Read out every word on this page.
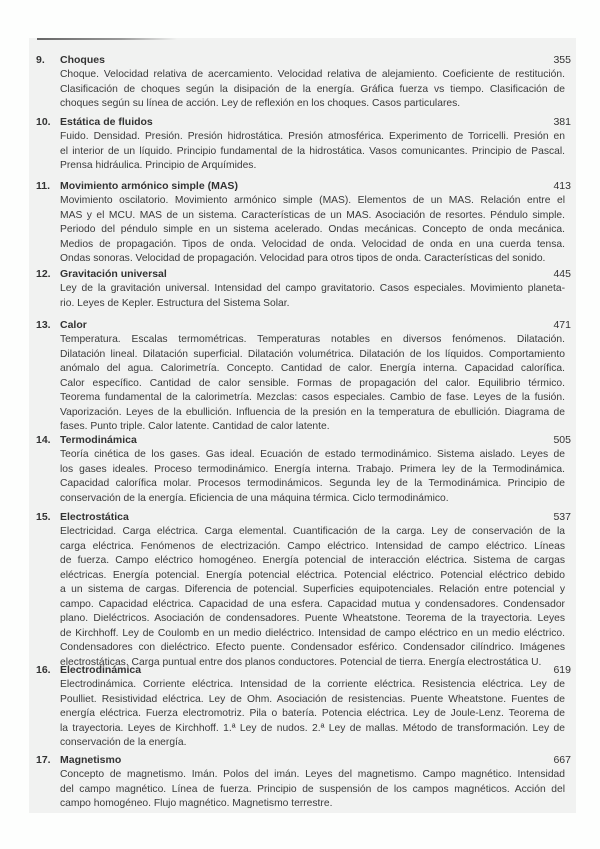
9. Choques	355
Choque. Velocidad relativa de acercamiento. Velocidad relativa de alejamiento. Coeficiente de restitución.
Clasificación de choques según la disipación de la energía. Gráfica fuerza vs tiempo. Clasificación de
choques según su línea de acción. Ley de reflexión en los choques. Casos particulares.
10. Estática de fluidos	381
Fuido. Densidad. Presión. Presión hidrostática. Presión atmosférica. Experimento de Torricelli. Presión en
el interior de un líquido. Principio fundamental de la hidrostática. Vasos comunicantes. Principio de Pascal.
Prensa hidráulica. Principio de Arquímides.
11. Movimiento armónico simple (MAS)	413
Movimiento oscilatorio. Movimiento armónico simple (MAS). Elementos de un MAS. Relación entre el
MAS y el MCU. MAS de un sistema. Características de un MAS. Asociación de resortes. Péndulo simple.
Periodo del péndulo simple en un sistema acelerado. Ondas mecánicas. Concepto de onda mecánica.
Medios de propagación. Tipos de onda. Velocidad de onda. Velocidad de onda en una cuerda tensa.
Ondas sonoras. Velocidad de propagación. Velocidad para otros tipos de onda. Características del sonido.
12. Gravitación universal	445
Ley de la gravitación universal. Intensidad del campo gravitatorio. Casos especiales. Movimiento planeta-
rio. Leyes de Kepler. Estructura del Sistema Solar.
13. Calor	471
Temperatura. Escalas termométricas. Temperaturas notables en diversos fenómenos. Dilatación.
Dilatación lineal. Dilatación superficial. Dilatación volumétrica. Dilatación de los líquidos. Comportamiento
anómalo del agua. Calorimetría. Concepto. Cantidad de calor. Energía interna. Capacidad calorífica.
Calor específico. Cantidad de calor sensible. Formas de propagación del calor. Equilibrio térmico.
Teorema fundamental de la calorimetría. Mezclas: casos especiales. Cambio de fase. Leyes de la fusión.
Vaporización. Leyes de la ebullición. Influencia de la presión en la temperatura de ebullición. Diagrama de
fases. Punto triple. Calor latente. Cantidad de calor latente.
14. Termodinámica	505
Teoría cinética de los gases. Gas ideal. Ecuación de estado termodinámico. Sistema aislado. Leyes de
los gases ideales. Proceso termodinámico. Energía interna. Trabajo. Primera ley de la Termodinámica.
Capacidad calorífica molar. Procesos termodinámicos. Segunda ley de la Termodinámica. Principio de
conservación de la energía. Eficiencia de una máquina térmica. Ciclo termodinámico.
15. Electrostática	537
Electricidad. Carga eléctrica. Carga elemental. Cuantificación de la carga. Ley de conservación de la
carga eléctrica. Fenómenos de electrización. Campo eléctrico. Intensidad de campo eléctrico. Líneas
de fuerza. Campo eléctrico homogéneo. Energía potencial de interacción eléctrica. Sistema de cargas
eléctricas. Energía potencial. Energía potencial eléctrica. Potencial eléctrico. Potencial eléctrico debido
a un sistema de cargas. Diferencia de potencial. Superficies equipotenciales. Relación entre potencial y
campo. Capacidad eléctrica. Capacidad de una esfera. Capacidad mutua y condensadores. Condensador
plano. Dieléctricos. Asociación de condensadores. Puente Wheatstone. Teorema de la trayectoria. Leyes
de Kirchhoff. Ley de Coulomb en un medio dieléctrico. Intensidad de campo eléctrico en un medio eléctrico.
Condensadores con dieléctrico. Efecto puente. Condensador esférico. Condensador cilíndrico. Imágenes
electrostáticas. Carga puntual entre dos planos conductores. Potencial de tierra. Energía electrostática U.
16. Electrodinámica	619
Electrodinámica. Corriente eléctrica. Intensidad de la corriente eléctrica. Resistencia eléctrica. Ley de
Poulliet. Resistividad eléctrica. Ley de Ohm. Asociación de resistencias. Puente Wheatstone. Fuentes de
energía eléctrica. Fuerza electromotriz. Pila o batería. Potencia eléctrica. Ley de Joule-Lenz. Teorema de
la trayectoria. Leyes de Kirchhoff. 1.ª Ley de nudos. 2.ª Ley de mallas. Método de transformación. Ley de
conservación de la energía.
17. Magnetismo	667
Concepto de magnetismo. Imán. Polos del imán. Leyes del magnetismo. Campo magnético. Intensidad
del campo magnético. Línea de fuerza. Principio de suspensión de los campos magnéticos. Acción del
campo homogéneo. Flujo magnético. Magnetismo terrestre.
